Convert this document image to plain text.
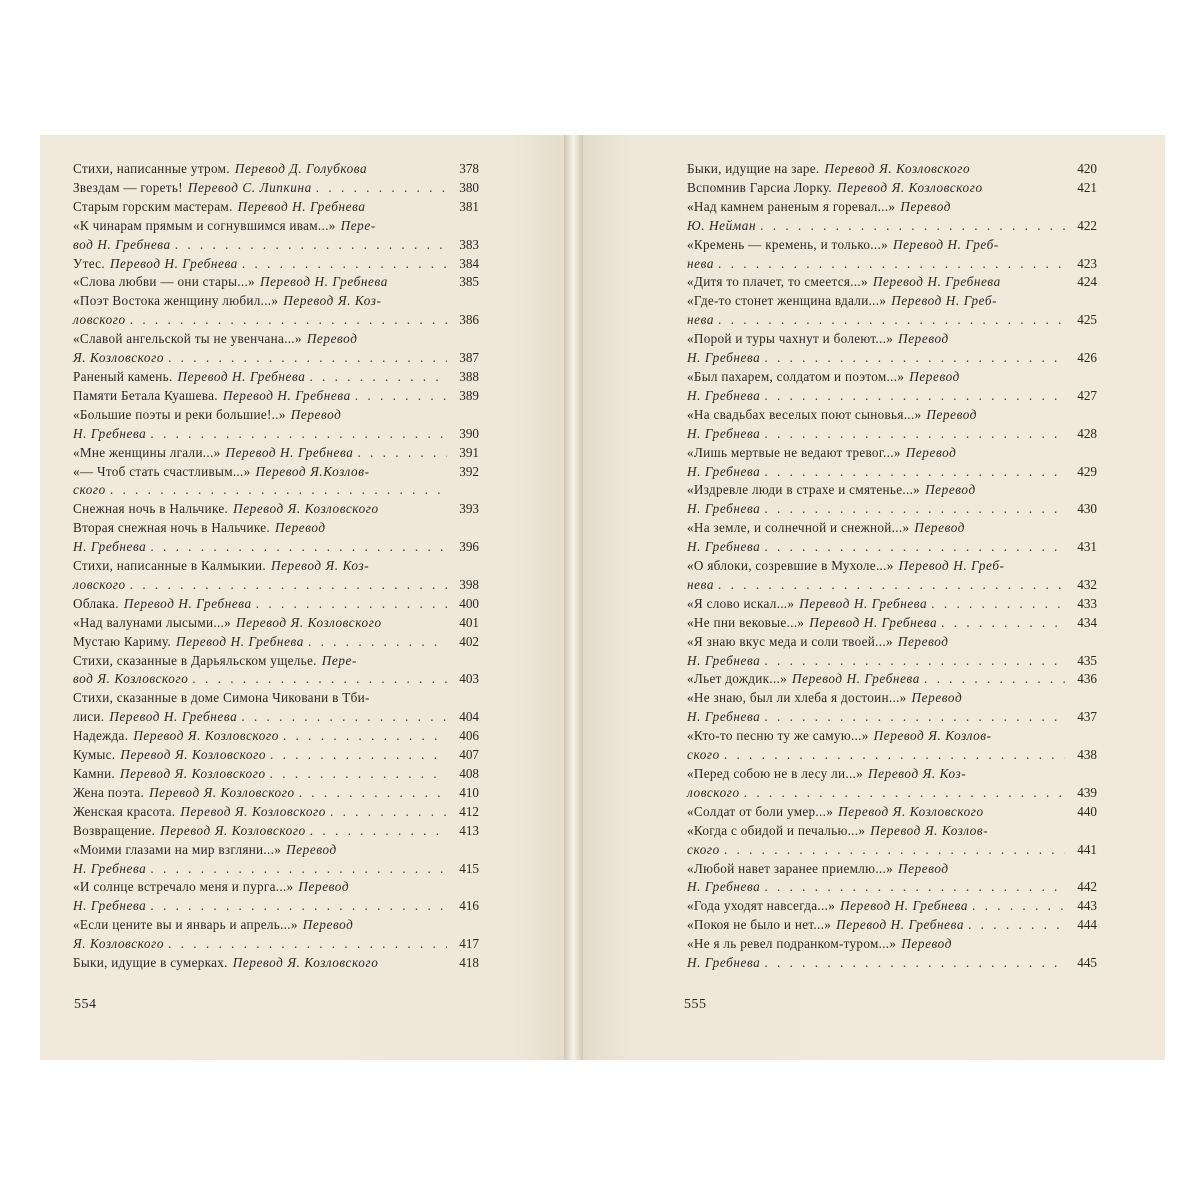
Стихи, написанные утром. Перевод Д. Голубкова	378
Звездам — гореть! Перевод С. Липкина . . .	380
Старым горским мастерам. Перевод Н. Гребнева	381
«К чинарам прямым и согнувшимся ивам...» Пере-
вод Н. Гребнева . . .	383
Утес. Перевод Н. Гребнева . . .	384
«Слова любви — они стары...» Перевод Н. Гребнева	385
«Поэт Востока женщину любил...» Перевод Я. Коз-
ловского . . .	386
«Славой ангельской ты не увенчана...» Перевод
Я. Козловского . . .	387
Раненый камень. Перевод Н. Гребнева . . .	388
Памяти Бетала Куашева. Перевод Н. Гребнева . . .	389
«Большие поэты и реки большие!..» Перевод
Н. Гребнева . . .	390
«Мне женщины лгали...» Перевод Н. Гребнева . . .	391
«— Чтоб стать счастливым...» Перевод Я.Козлов-	392
ского
. . .
Снежная ночь в Нальчике. Перевод Я. Козловского	393
Вторая снежная ночь в Нальчике. Перевод
Н. Гребнева . . .	396
Стихи, написанные в Калмыкии. Перевод Я. Коз-
ловского . . .	398
Облака. Перевод Н. Гребнева . . .	400
«Над валунами лысыми...» Перевод Я. Козловского	401
Мустаю Кариму. Перевод Н. Гребнева . . .	402
Стихи, сказанные в Дарьяльском ущелье. Пере-
вод Я. Козловского . . .	403
Стихи, сказанные в доме Симона Чиковани в Тби-
лиси. Перевод Н. Гребнева . . .	404
Надежда. Перевод Я. Козловского . . .	406
Кумыс. Перевод Я. Козловского . . .	407
Камни. Перевод Я. Козловского . . .	408
Жена поэта. Перевод Я. Козловского . . .	410
Женская красота. Перевод Я. Козловского . . .	412
Возвращение. Перевод Я. Козловского . . .	413
«Моими глазами на мир взгляни...» Перевод
Н. Гребнева . . .	415
«И солнце встречало меня и пурга...» Перевод
Н. Гребнева . . .	416
«Если цените вы и январь и апрель...» Перевод
Я. Козловского . . .	417
Быки, идущие в сумерках. Перевод Я. Козловского	418
Быки, идущие на заре. Перевод Я. Козловского	420
Вспомнив Гарсиа Лорку. Перевод Я. Козловского	421
«Над камнем раненым я горевал...» Перевод
Ю. Нейман . . .	422
«Кремень — кремень, и только...» Перевод Н. Греб-
нева . . .	423
«Дитя то плачет, то смеется...» Перевод Н. Гребнева	424
«Где-то стонет женщина вдали...» Перевод Н. Греб-
нева . . .	425
«Порой и туры чахнут и болеют...» Перевод
Н. Гребнева . . .	426
«Был пахарем, солдатом и поэтом...» Перевод
Н. Гребнева . . .	427
«На свадьбах веселых поют сыновья...» Перевод
Н. Гребнева . . .	428
«Лишь мертвые не ведают тревог...» Перевод
Н. Гребнева . . .	429
«Издревле люди в страхе и смятенье...» Перевод
Н. Гребнева . . .	430
«На земле, и солнечной и снежной...» Перевод
Н. Гребнева . . .	431
«О яблоки, созревшие в Мухоле...» Перевод Н. Греб-
нева . . .	432
«Я слово искал...» Перевод Н. Гребнева . . .	433
«Не пни вековые...» Перевод Н. Гребнева . . .	434
«Я знаю вкус меда и соли твоей...» Перевод
Н. Гребнева . . .	435
«Льет дождик...» Перевод Н. Гребнева . . .	436
«Не знаю, был ли хлеба я достоин...» Перевод
Н. Гребнева . . .	437
«Кто-то песню ту же самую...» Перевод Я. Козлов-
ского . . .	438
«Перед собою не в лесу ли...» Перевод Я. Коз-
ловского . . .	439
«Солдат от боли умер...» Перевод Я. Козловского	440
«Когда с обидой и печалью...» Перевод Я. Козлов-
ского . . .	441
«Любой навет заранее приемлю...» Перевод
Н. Гребнева . . .	442
«Года уходят навсегда...» Перевод Н. Гребнева . . .	443
«Покоя не было и нет...» Перевод Н. Гребнева . . .	444
«Не я ль ревел подранком-туром...» Перевод
Н. Гребнева . . .	445
554	555
